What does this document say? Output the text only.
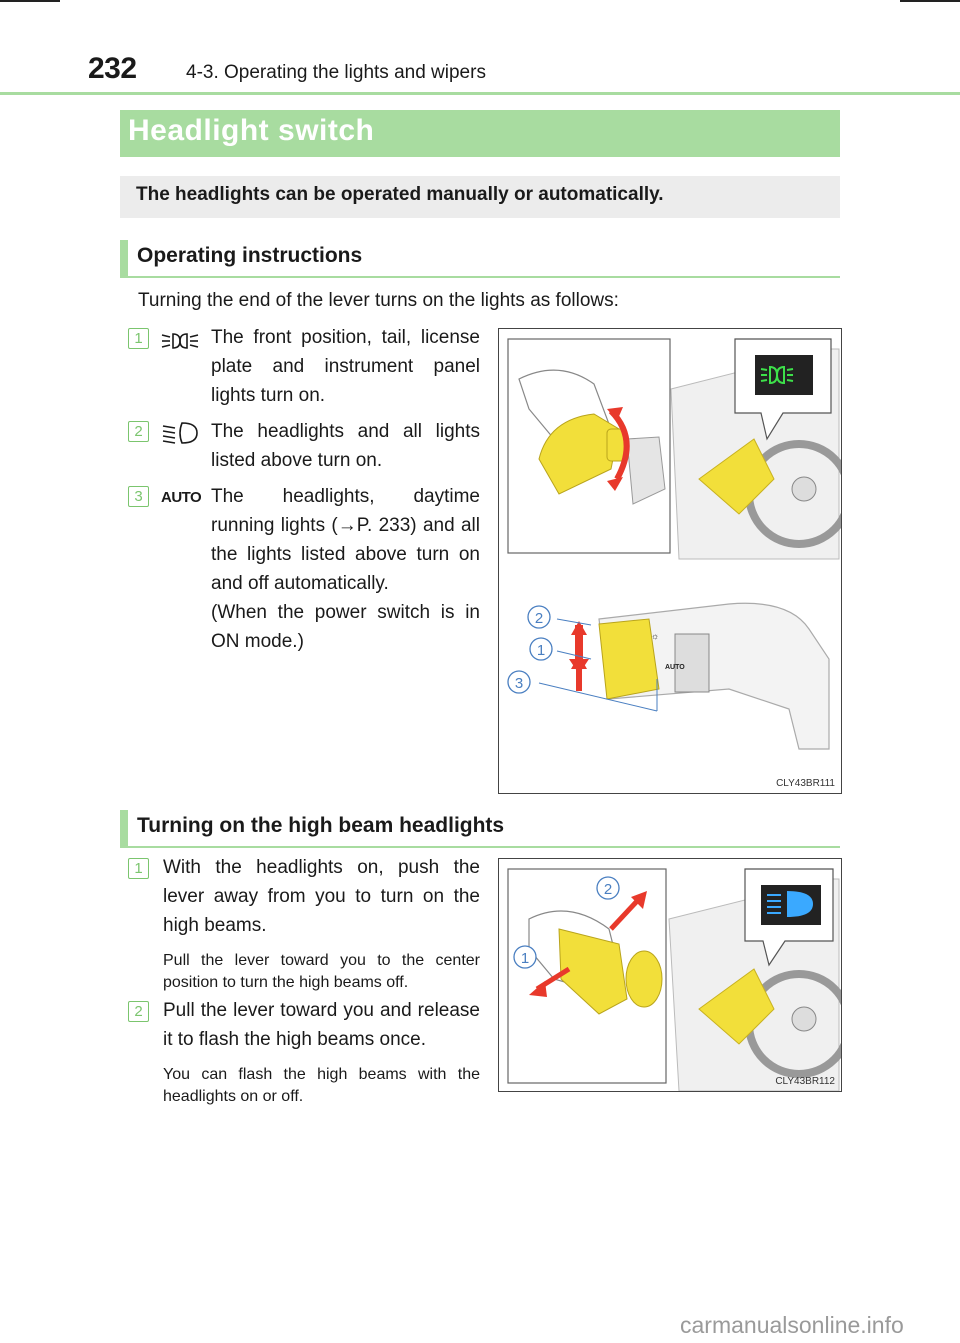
232	4-3. Operating the lights and wipers
Headlight switch
The headlights can be operated manually or automatically.
Operating instructions
Turning the end of the lever turns on the lights as follows:
1	The front position, tail, license plate and instrument panel lights turn on.
2	The headlights and all lights listed above turn on.
3	AUTO The headlights, daytime running lights (→P. 233) and all the lights listed above turn on and off automatically.
(When the power switch is in ON mode.)	☼
AUTO
2
1
3
CLY43BR111
Turning on the high beam headlights
1	With the headlights on, push the lever away from you to turn on the high beams.
Pull the lever toward you to the center position to turn the high beams off.
2	Pull the lever toward you and release it to flash the high beams once.
You can flash the high beams with the headlights on or off.
2
1
CLY43BR112
carmanualsonline.info
